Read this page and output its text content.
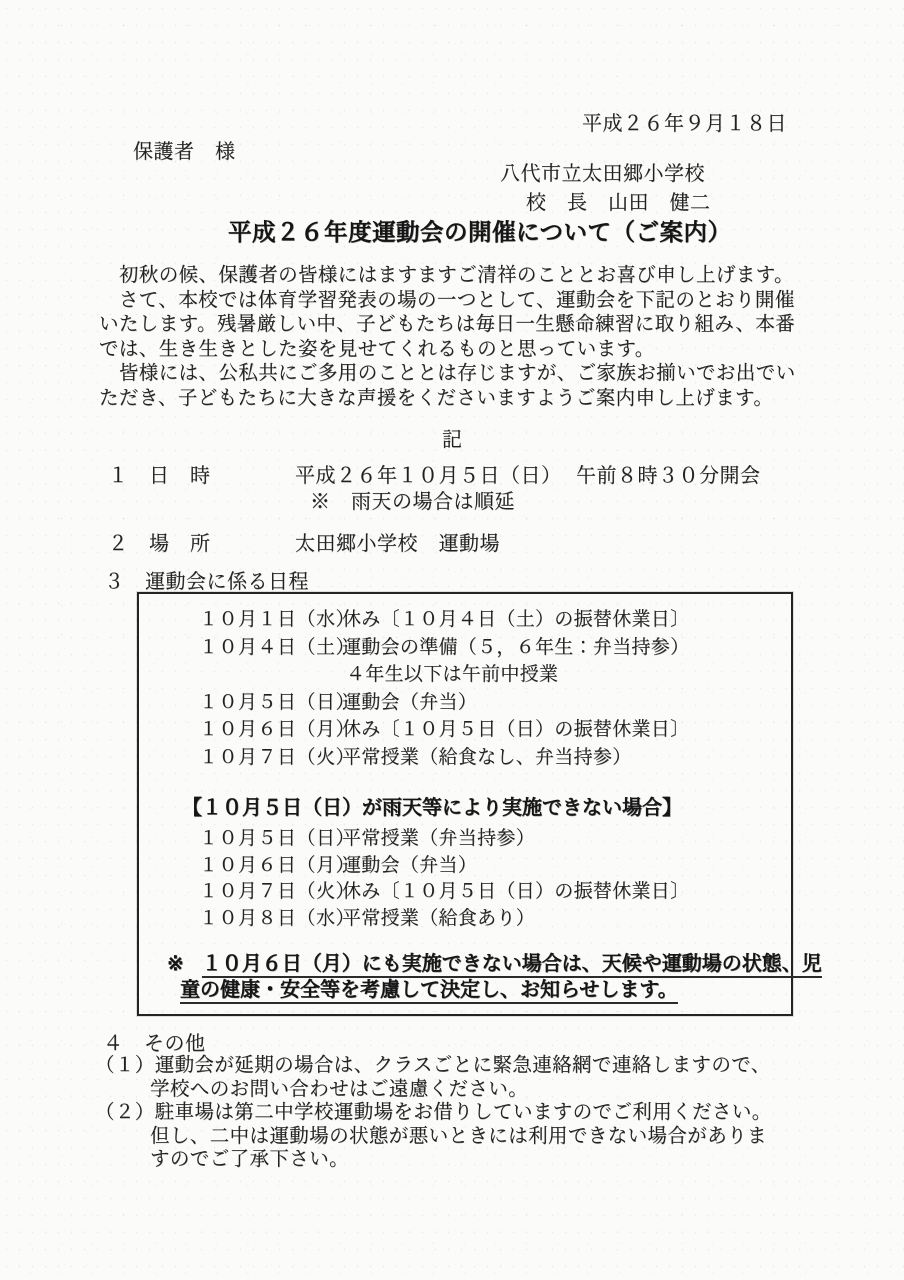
平成２６年９月１８日
保護者　様
八代市立太田郷小学校
校　長　山田　健二
平成２６年度運動会の開催について（ご案内）
　初秋の候、保護者の皆様にはますますご清祥のこととお喜び申し上げます。
　さて、本校では体育学習発表の場の一つとして、運動会を下記のとおり開催
いたします。残暑厳しい中、子どもたちは毎日一生懸命練習に取り組み、本番
では、生き生きとした姿を見せてくれるものと思っています。
　皆様には、公私共にご多用のこととは存じますが、ご家族お揃いでお出でい
ただき、子どもたちに大きな声援をくださいますようご案内申し上げます。
記
１　日　時	平成２６年１０月５日（日） 午前８時３０分開会
※　雨天の場合は順延
２　場　所	太田郷小学校　運動場
３　運動会に係る日程
１０月１日（水）
休み〔１０月４日（土）の振替休業日〕
１０月４日（土）
運動会の準備（５，６年生：弁当持参）
４年生以下は午前中授業
１０月５日（日）
運動会（弁当）
１０月６日（月）
休み〔１０月５日（日）の振替休業日〕
１０月７日（火）
平常授業（給食なし、弁当持参）
【１０月５日（日）が雨天等により実施できない場合】
１０月５日（日）
平常授業（弁当持参）
１０月６日（月）
運動会（弁当）
１０月７日（火）
休み〔１０月５日（日）の振替休業日〕
１０月８日（水）
平常授業（給食あり）
※ １０月６日（月）にも実施できない場合は、天候や運動場の状態、児
童の健康・安全等を考慮して決定し、お知らせします。
４　その他
（１）運動会が延期の場合は、クラスごとに緊急連絡網で連絡しますので、
学校へのお問い合わせはご遠慮ください。
（２）駐車場は第二中学校運動場をお借りしていますのでご利用ください。
但し、二中は運動場の状態が悪いときには利用できない場合がありま
すのでご了承下さい。
